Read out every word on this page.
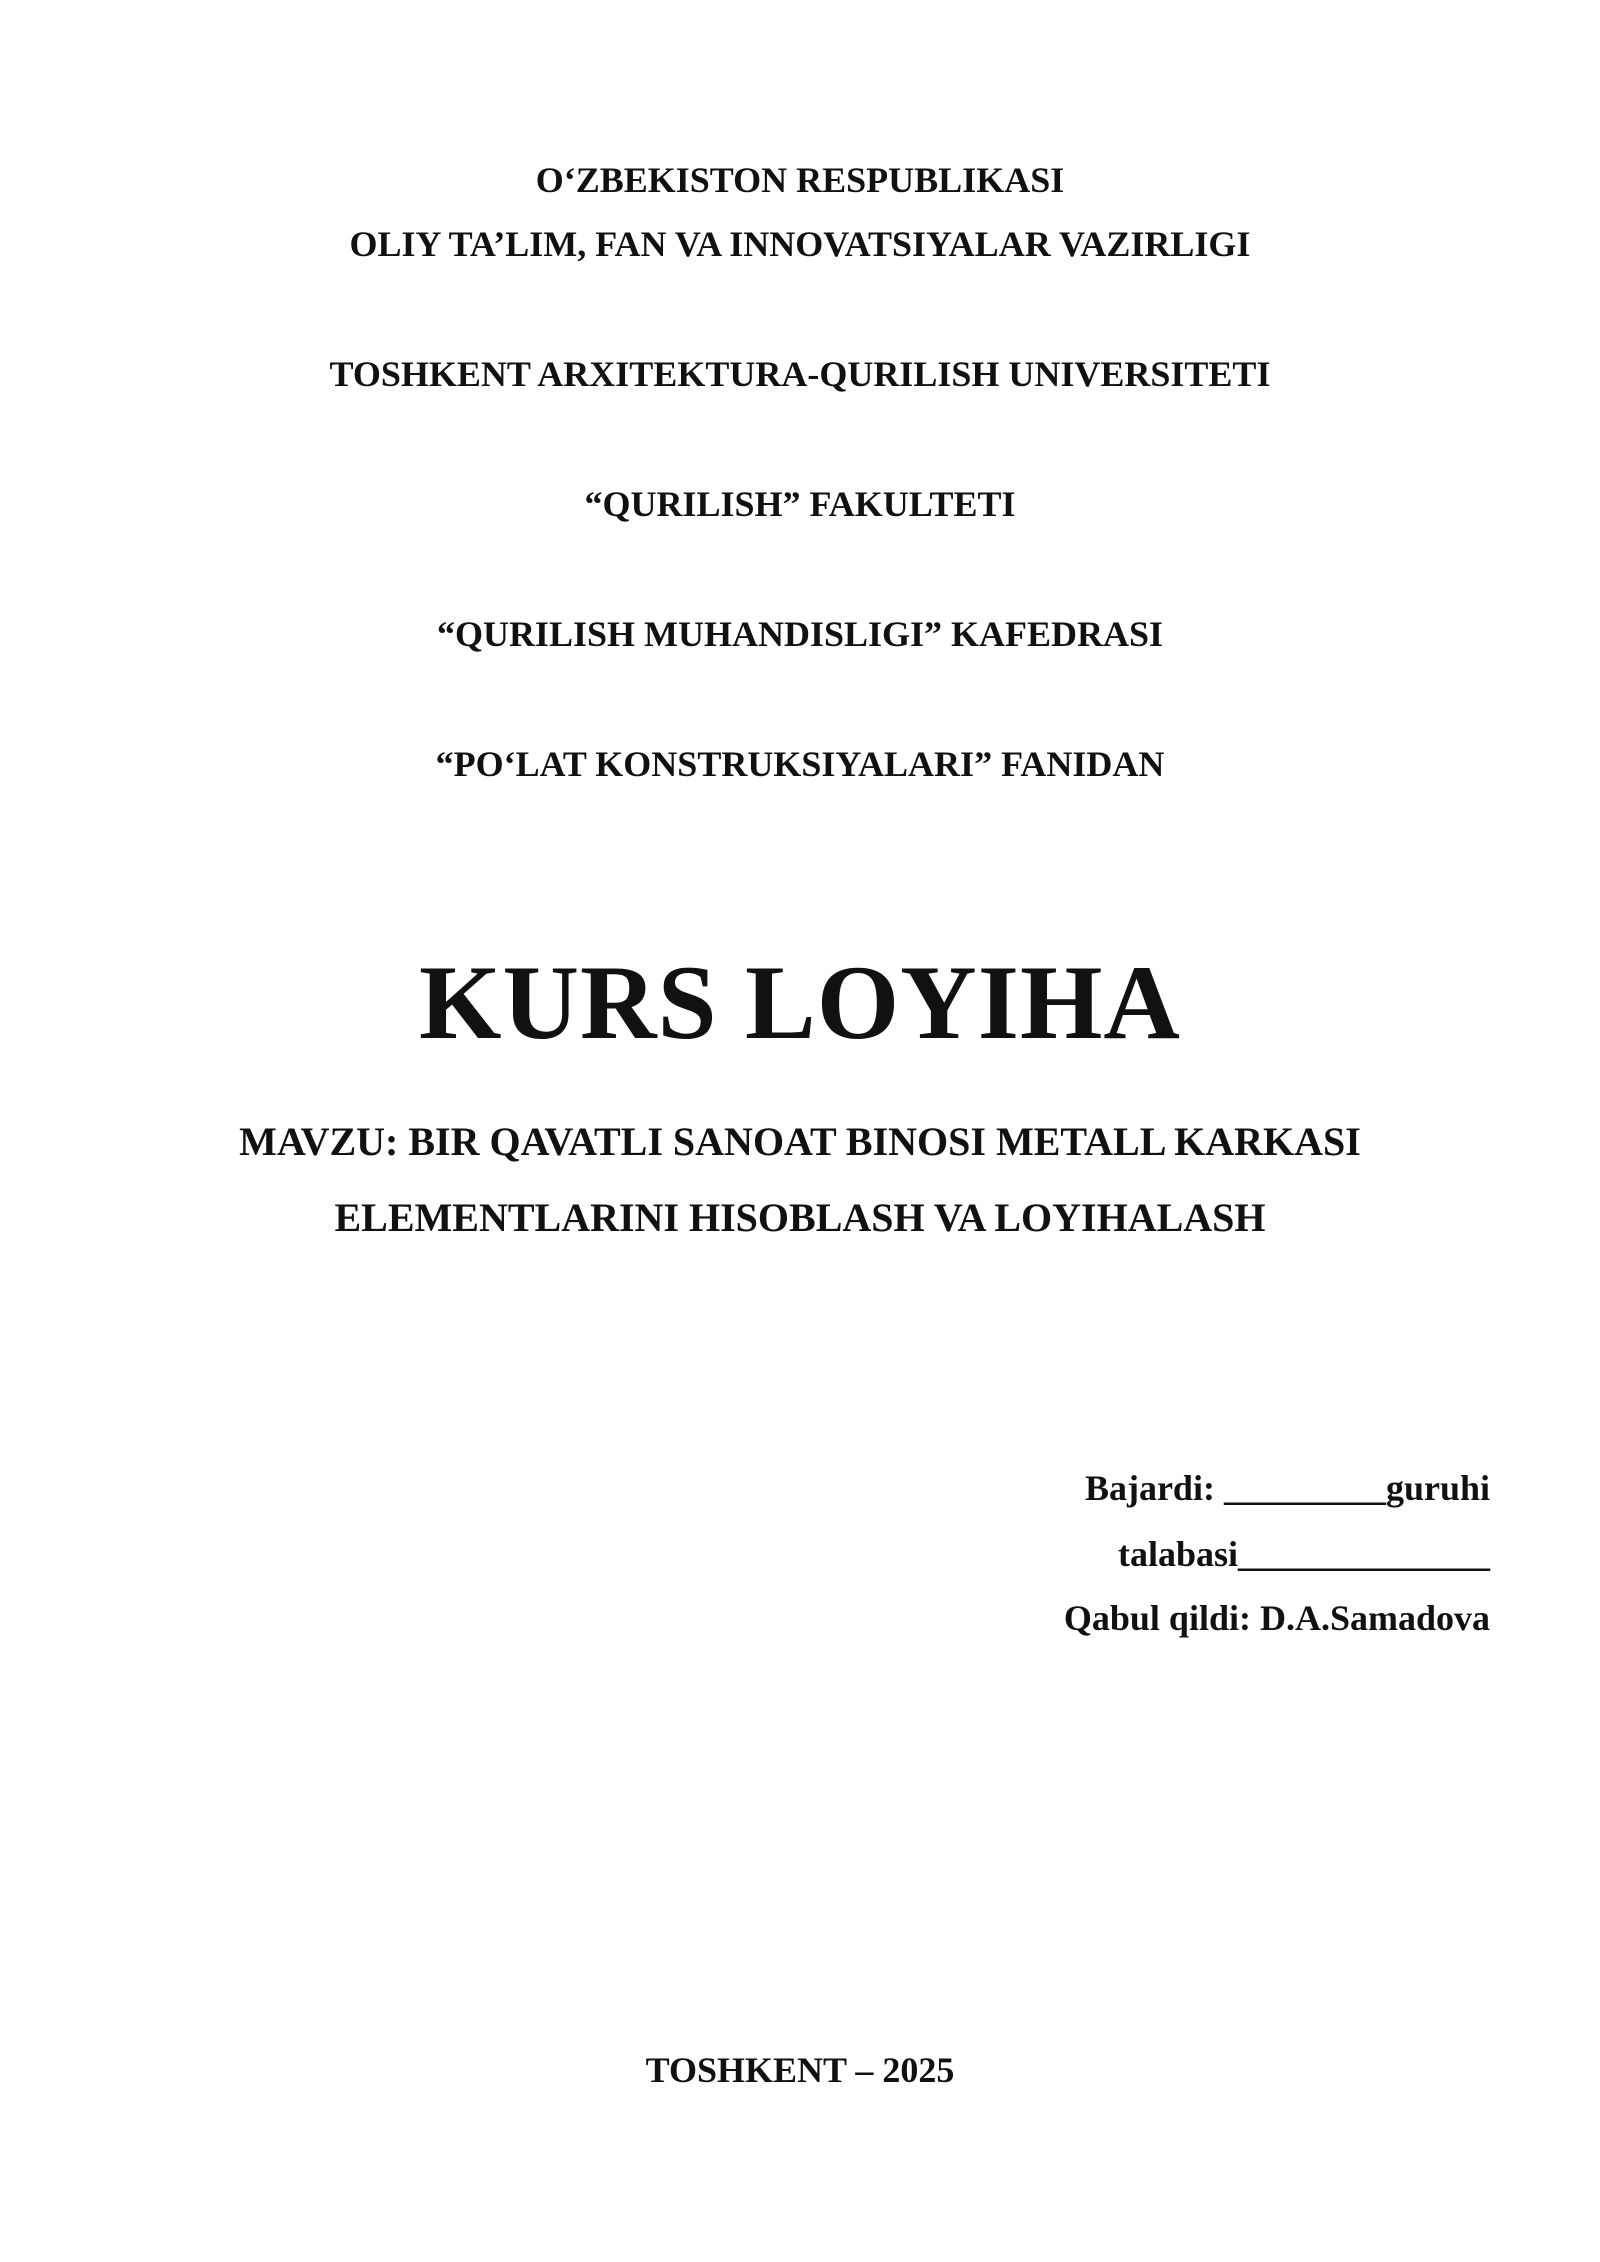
O‘ZBEKISTON RESPUBLIKASI
OLIY TA’LIM, FAN VA INNOVATSIYALAR VAZIRLIGI
TOSHKENT ARXITEKTURA-QURILISH UNIVERSITETI
“QURILISH” FAKULTETI
“QURILISH MUHANDISLIGI” KAFEDRASI
“PO‘LAT KONSTRUKSIYALARI” FANIDAN
KURS LOYIHA
MAVZU: BIR QAVATLI SANOAT BINOSI METALL KARKASI
ELEMENTLARINI HISOBLASH VA LOYIHALASH
Bajardi: _________guruhi
talabasi______________
Qabul qildi: D.A.Samadova
TOSHKENT – 2025
